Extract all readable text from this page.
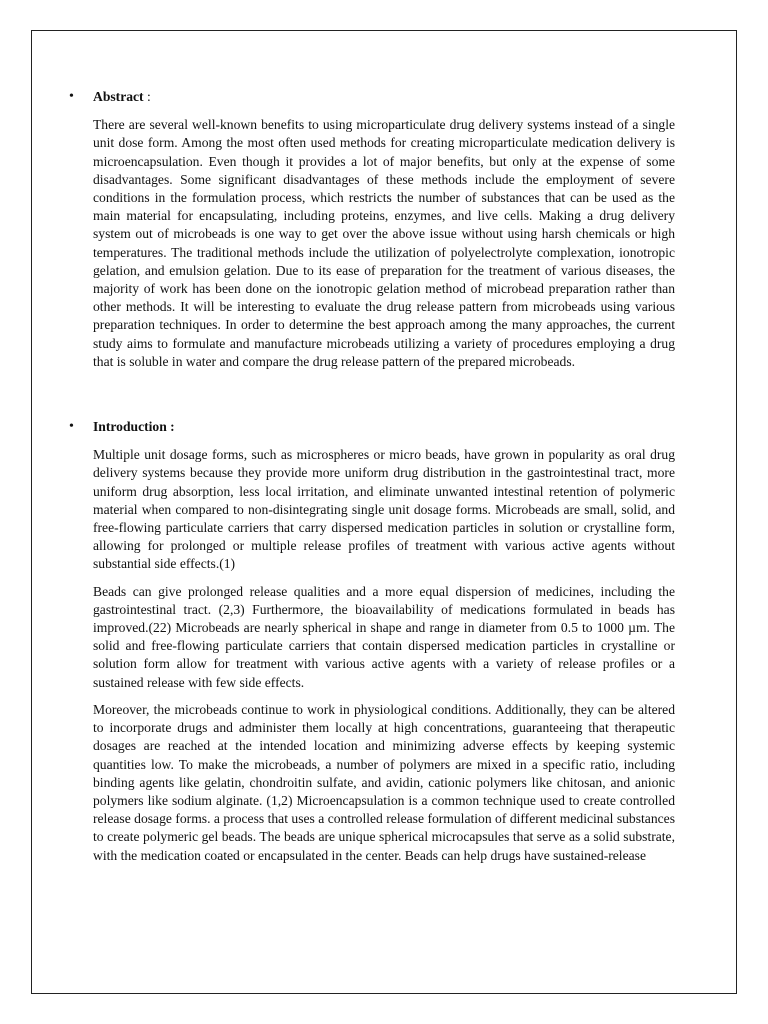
• Abstract :

There are several well-known benefits to using microparticulate drug delivery systems instead of a single unit dose form. Among the most often used methods for creating microparticulate medication delivery is microencapsulation. Even though it provides a lot of major benefits, but only at the expense of some disadvantages. Some significant disadvantages of these methods include the employment of severe conditions in the formulation process, which restricts the number of substances that can be used as the main material for encapsulating, including proteins, enzymes, and live cells. Making a drug delivery system out of microbeads is one way to get over the above issue without using harsh chemicals or high temperatures. The traditional methods include the utilization of polyelectrolyte complexation, ionotropic gelation, and emulsion gelation. Due to its ease of preparation for the treatment of various diseases, the majority of work has been done on the ionotropic gelation method of microbead preparation rather than other methods. It will be interesting to evaluate the drug release pattern from microbeads using various preparation techniques. In order to determine the best approach among the many approaches, the current study aims to formulate and manufacture microbeads utilizing a variety of procedures employing a drug that is soluble in water and compare the drug release pattern of the prepared microbeads.

• Introduction :

Multiple unit dosage forms, such as microspheres or micro beads, have grown in popularity as oral drug delivery systems because they provide more uniform drug distribution in the gastrointestinal tract, more uniform drug absorption, less local irritation, and eliminate unwanted intestinal retention of polymeric material when compared to non-disintegrating single unit dosage forms. Microbeads are small, solid, and free-flowing particulate carriers that carry dispersed medication particles in solution or crystalline form, allowing for prolonged or multiple release profiles of treatment with various active agents without substantial side effects.(1)

Beads can give prolonged release qualities and a more equal dispersion of medicines, including the gastrointestinal tract. (2,3) Furthermore, the bioavailability of medications formulated in beads has improved.(22) Microbeads are nearly spherical in shape and range in diameter from 0.5 to 1000 µm. The solid and free-flowing particulate carriers that contain dispersed medication particles in crystalline or solution form allow for treatment with various active agents with a variety of release profiles or a sustained release with few side effects.

Moreover, the microbeads continue to work in physiological conditions. Additionally, they can be altered to incorporate drugs and administer them locally at high concentrations, guaranteeing that therapeutic dosages are reached at the intended location and minimizing adverse effects by keeping systemic quantities low. To make the microbeads, a number of polymers are mixed in a specific ratio, including binding agents like gelatin, chondroitin sulfate, and avidin, cationic polymers like chitosan, and anionic polymers like sodium alginate. (1,2) Microencapsulation is a common technique used to create controlled release dosage forms. a process that uses a controlled release formulation of different medicinal substances to create polymeric gel beads. The beads are unique spherical microcapsules that serve as a solid substrate, with the medication coated or encapsulated in the center. Beads can help drugs have sustained-release
